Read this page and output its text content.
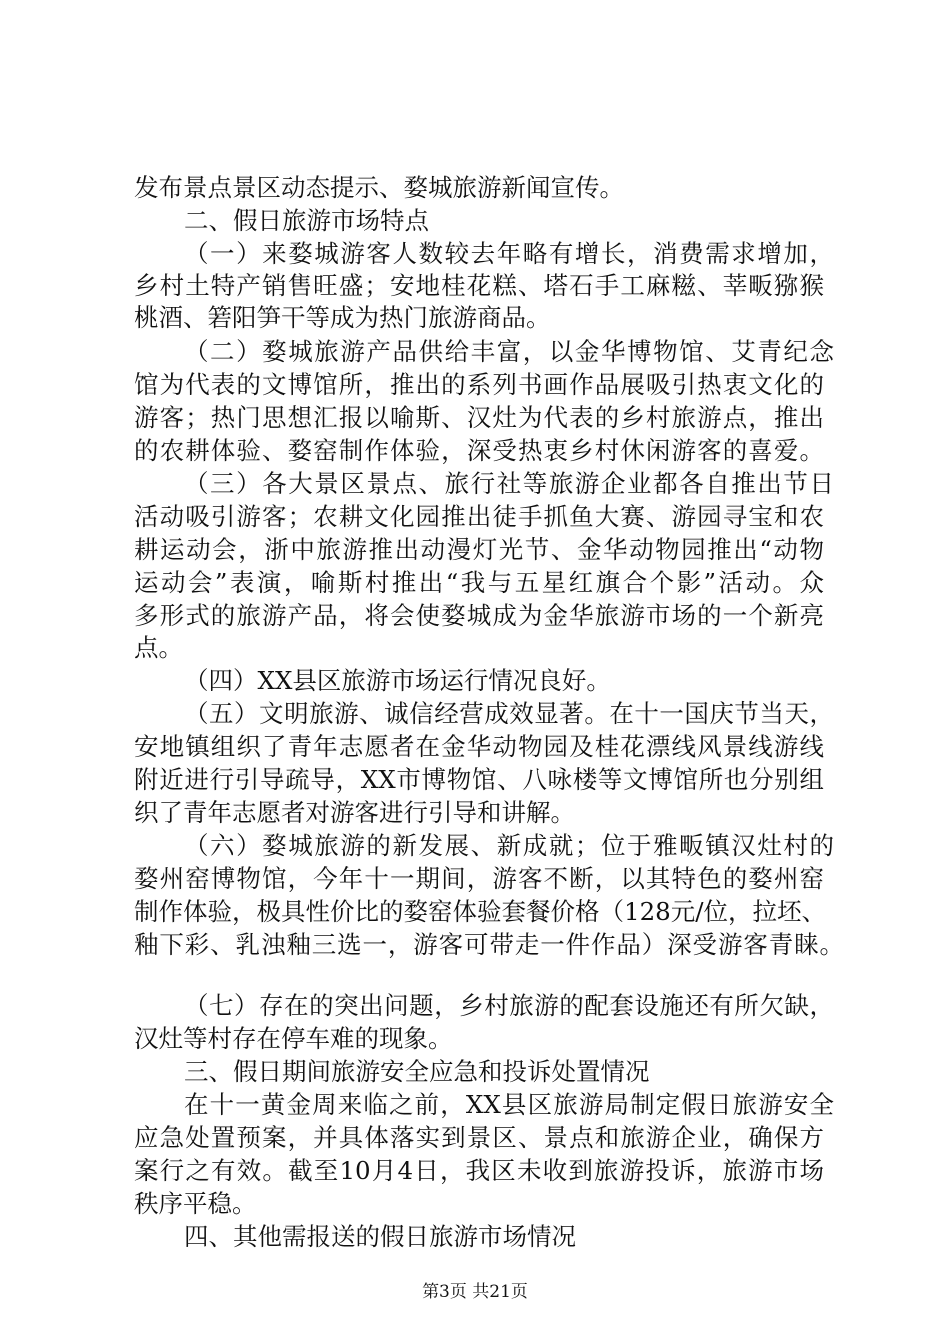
发布景点景区动态提示、婺城旅游新闻宣传。
二、假日旅游市场特点
（一）来婺城游客人数较去年略有增长，消费需求增加，
乡村土特产销售旺盛；安地桂花糕、塔石手工麻糍、莘畈猕猴
桃酒、箬阳笋干等成为热门旅游商品。
（二）婺城旅游产品供给丰富，以金华博物馆、艾青纪念
馆为代表的文博馆所，推出的系列书画作品展吸引热衷文化的
游客；热门思想汇报以喻斯、汉灶为代表的乡村旅游点，推出
的农耕体验、婺窑制作体验，深受热衷乡村休闲游客的喜爱。
（三）各大景区景点、旅行社等旅游企业都各自推出节日
活动吸引游客；农耕文化园推出徒手抓鱼大赛、游园寻宝和农
耕运动会，浙中旅游推出动漫灯光节、金华动物园推出“动物
运动会”表演，喻斯村推出“我与五星红旗合个影”活动。众
多形式的旅游产品，将会使婺城成为金华旅游市场的一个新亮
点。
（四）XX县区旅游市场运行情况良好。
（五）文明旅游、诚信经营成效显著。在十一国庆节当天，
安地镇组织了青年志愿者在金华动物园及桂花漂线风景线游线
附近进行引导疏导，XX市博物馆、八咏楼等文博馆所也分别组
织了青年志愿者对游客进行引导和讲解。
（六）婺城旅游的新发展、新成就；位于雅畈镇汉灶村的
婺州窑博物馆，今年十一期间，游客不断，以其特色的婺州窑
制作体验，极具性价比的婺窑体验套餐价格（128元/位，拉坯、
釉下彩、乳浊釉三选一，游客可带走一件作品）深受游客青睐。
（七）存在的突出问题，乡村旅游的配套设施还有所欠缺，
汉灶等村存在停车难的现象。
三、假日期间旅游安全应急和投诉处置情况
在十一黄金周来临之前，XX县区旅游局制定假日旅游安全
应急处置预案，并具体落实到景区、景点和旅游企业，确保方
案行之有效。截至10月4日，我区未收到旅游投诉，旅游市场
秩序平稳。
四、其他需报送的假日旅游市场情况
第3页 共21页
